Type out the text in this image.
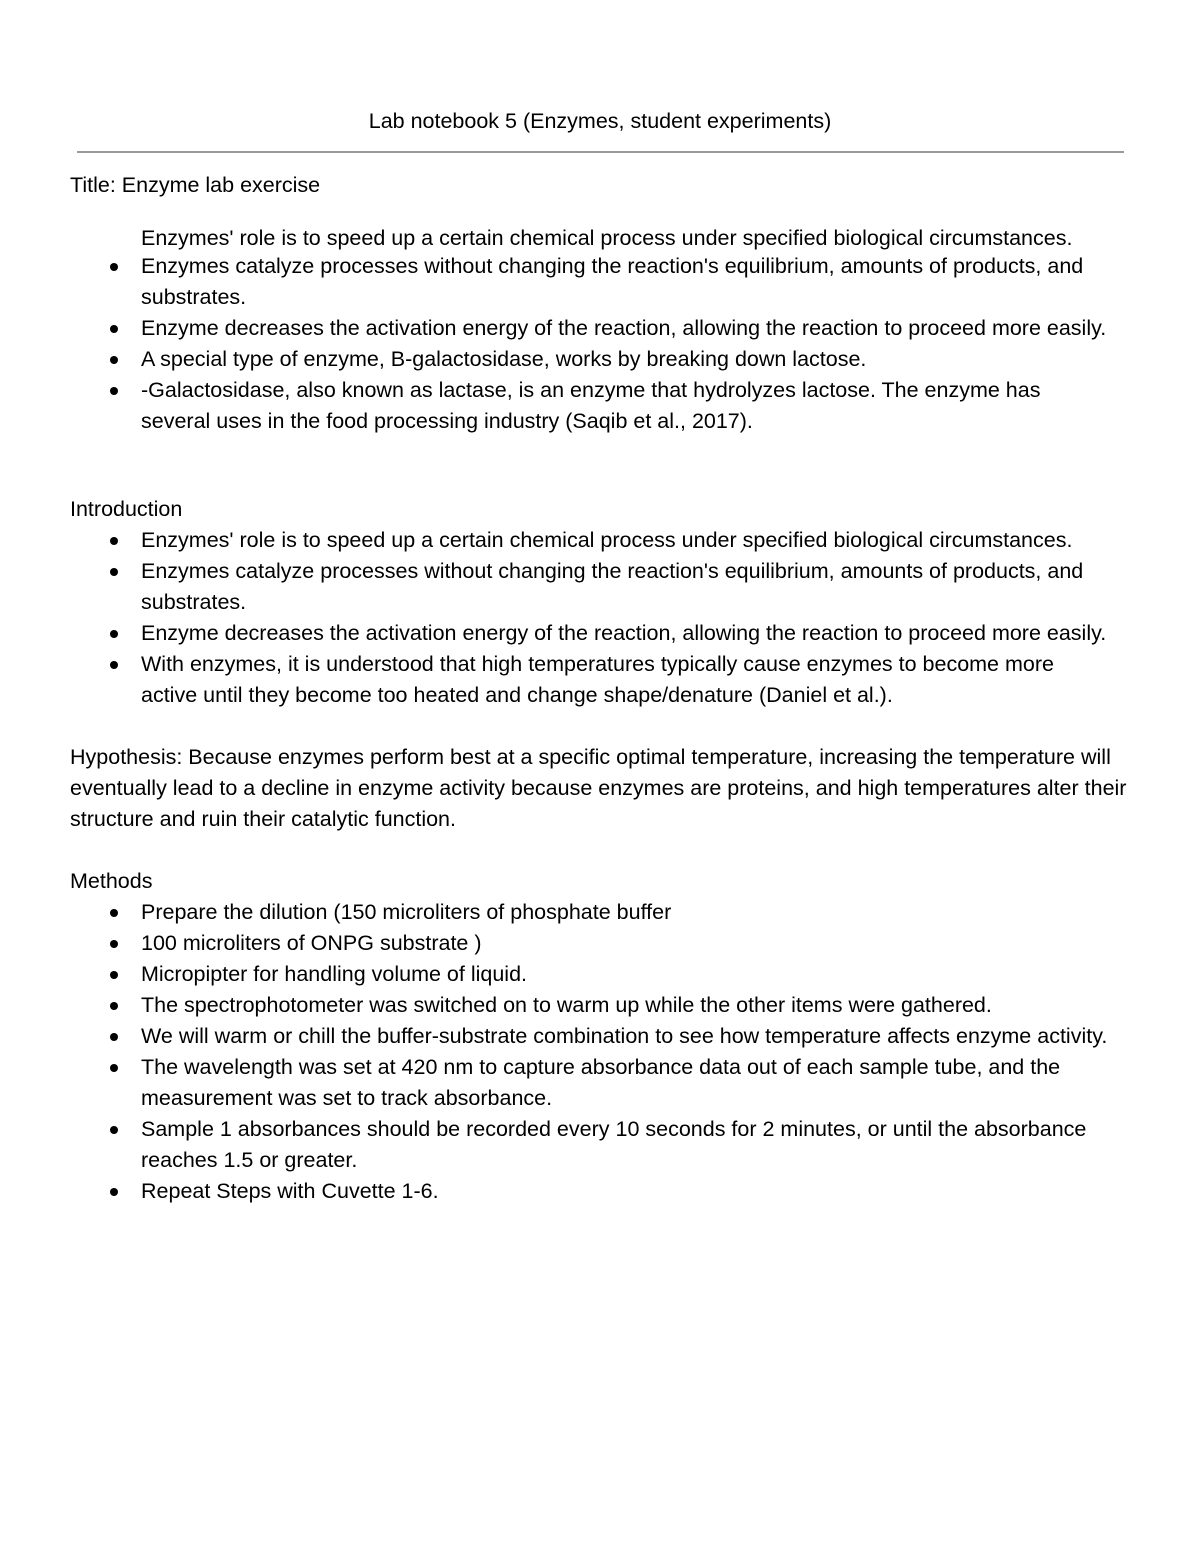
Lab notebook 5 (Enzymes, student experiments)

Title: Enzyme lab exercise

Enzymes' role is to speed up a certain chemical process under specified biological circumstances.

Enzymes catalyze processes without changing the reaction's equilibrium, amounts of products, and substrates.
Enzyme decreases the activation energy of the reaction, allowing the reaction to proceed more easily.
A special type of enzyme, B-galactosidase, works by breaking down lactose.
-Galactosidase, also known as lactase, is an enzyme that hydrolyzes lactose. The enzyme has several uses in the food processing industry (Saqib et al., 2017).

Introduction

Enzymes' role is to speed up a certain chemical process under specified biological circumstances.
Enzymes catalyze processes without changing the reaction's equilibrium, amounts of products, and substrates.
Enzyme decreases the activation energy of the reaction, allowing the reaction to proceed more easily.
With enzymes, it is understood that high temperatures typically cause enzymes to become more active until they become too heated and change shape/denature (Daniel et al.).

Hypothesis: Because enzymes perform best at a specific optimal temperature, increasing the temperature will eventually lead to a decline in enzyme activity because enzymes are proteins, and high temperatures alter their structure and ruin their catalytic function.

Methods

Prepare the dilution (150 microliters of phosphate buffer
100 microliters of ONPG substrate )
Micropipter for handling volume of liquid.
The spectrophotometer was switched on to warm up while the other items were gathered.
We will warm or chill the buffer-substrate combination to see how temperature affects enzyme activity.
The wavelength was set at 420 nm to capture absorbance data out of each sample tube, and the measurement was set to track absorbance.
Sample 1 absorbances should be recorded every 10 seconds for 2 minutes, or until the absorbance reaches 1.5 or greater.
Repeat Steps with Cuvette 1-6.
